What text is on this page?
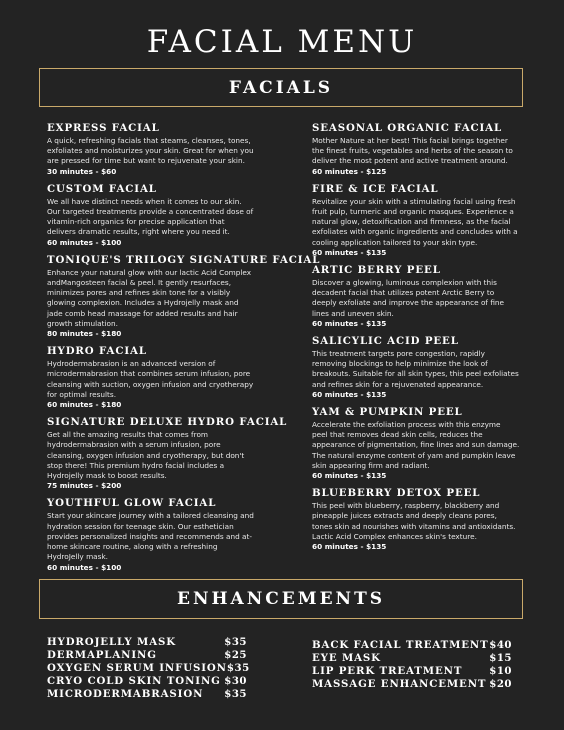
FACIAL MENU
FACIALS
EXPRESS FACIAL
A quick, refreshing facials that steams, cleanses, tones,
exfoliates and moisturizes your skin. Great for when you
are pressed for time but want to rejuvenate your skin.
30 minutes - $60
CUSTOM FACIAL
We all have distinct needs when it comes to our skin.
Our targeted treatments provide a concentrated dose of
vitamin-rich organics for precise application that
delivers dramatic results, right where you need it.
60 minutes - $100
TONIQUE'S TRILOGY SIGNATURE FACIAL
Enhance your natural glow with our lactic Acid Complex
andMangosteen facial & peel. It gently resurfaces,
minimizes pores and refines skin tone for a visibly
glowing complexion. Includes a Hydrojelly mask and
jade comb head massage for added results and hair
growth stimulation.
80 minutes - $180
HYDRO FACIAL
Hydrodermabrasion is an advanced version of
microdermabrasion that combines serum infusion, pore
cleansing with suction, oxygen infusion and cryotherapy
for optimal results.
60 minutes - $180
SIGNATURE DELUXE HYDRO FACIAL
Get all the amazing results that comes from
hydrodermabrasion with a serum infusion, pore
cleansing, oxygen infusion and cryotherapy, but don't
stop there! This premium hydro facial includes a
Hydrojelly mask to boost results.
75 minutes - $200
YOUTHFUL GLOW FACIAL
Start your skincare journey with a tailored cleansing and
hydration session for teenage skin. Our esthetician
provides personalized insights and recommends and at-
home skincare routine, along with a refreshing
HydroJelly mask.
60 minutes - $100
SEASONAL ORGANIC FACIAL
Mother Nature at her best! This facial brings together
the finest fruits, vegetables and herbs of the season to
deliver the most potent and active treatment around.
60 minutes - $125
FIRE & ICE FACIAL
Revitalize your skin with a stimulating facial using fresh
fruit pulp, turmeric and organic masques. Experience a
natural glow, detoxification and firmness, as the facial
exfoliates with organic ingredients and concludes with a
cooling application tailored to your skin type.
60 minutes - $135
ARTIC BERRY PEEL
Discover a glowing, luminous complexion with this
decadent facial that utilizes potent Arctic Berry to
deeply exfoliate and improve the appearance of fine
lines and uneven skin.
60 minutes - $135
SALICYLIC ACID PEEL
This treatment targets pore congestion, rapidly
removing blockings to help minimize the look of
breakouts. Suitable for all skin types, this peel exfoliates
and refines skin for a rejuvenated appearance.
60 minutes - $135
YAM & PUMPKIN PEEL
Accelerate the exfoliation process with this enzyme
peel that removes dead skin cells, reduces the
appearance of pigmentation, fine lines and sun damage.
The natural enzyme content of yam and pumpkin leave
skin appearing firm and radiant.
60 minutes - $135
BLUEBERRY DETOX PEEL
This peel with blueberry, raspberry, blackberry and
pineapple juices extracts and deeply cleans pores,
tones skin ad nourishes with vitamins and antioxidants.
Lactic Acid Complex enhances skin's texture.
60 minutes - $135
ENHANCEMENTS
HYDROJELLY MASK	$35
DERMAPLANING	$25
OXYGEN SERUM INFUSION $35
CRYO COLD SKIN TONING $30
MICRODERMABRASION $35
BACK FACIAL TREATMENT $40
EYE MASK	$15
LIP PERK TREATMENT	$10
MASSAGE ENHANCEMENT $20
